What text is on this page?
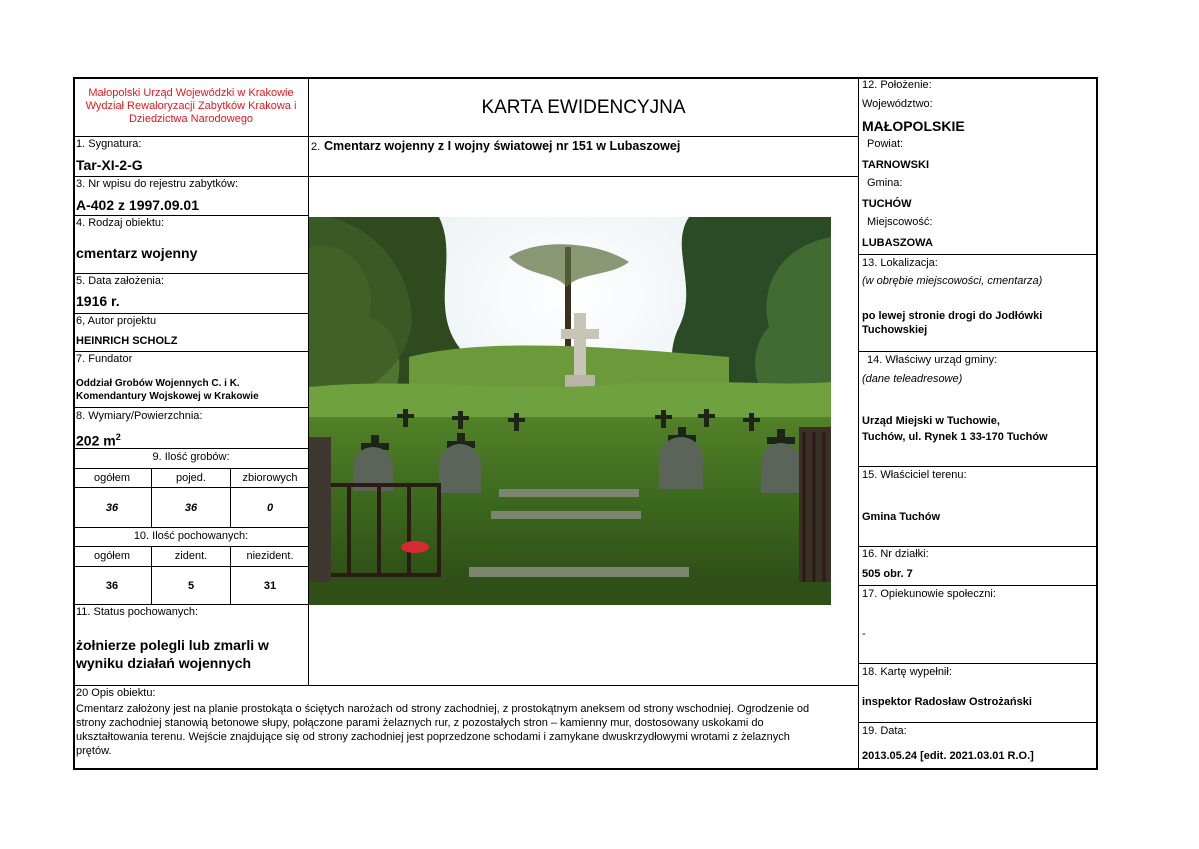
Małopolski Urząd Wojewódzki w Krakowie
Wydział Rewaloryzacji Zabytków Krakowa i
Dziedzictwa Narodowego
KARTA EWIDENCYJNA
1. Sygnatura:
Tar-XI-2-G
3. Nr wpisu do rejestru zabytków:
A-402 z 1997.09.01
4. Rodzaj obiektu:
cmentarz wojenny
5. Data założenia:
1916 r.
6, Autor projektu
HEINRICH SCHOLZ
7. Fundator
Oddział Grobów Wojennych C. i K.
Komendantury Wojskowej w Krakowie
8. Wymiary/Powierzchnia:
202 $m^2$
9. Ilość grobów:
ogółem	pojed.	zbiorowych
36	36	0
10. Ilość pochowanych:
ogółem	zident.	niezident.
36	5	31
11. Status pochowanych:
żołnierze polegli lub zmarli w
wyniku działań wojennych
2. Cmentarz wojenny z I wojny światowej nr 151 w Lubaszowej
12. Położenie:
Województwo:
MAŁOPOLSKIE
Powiat:
TARNOWSKI
Gmina:
TUCHÓW
Miejscowość:
LUBASZOWA
13. Lokalizacja:
(w obrębie miejscowości, cmentarza)
po lewej stronie drogi do Jodłówki
Tuchowskiej
14. Właściwy urząd gminy:
(dane teleadresowe)
Urząd Miejski w Tuchowie,
Tuchów, ul. Rynek 1 33-170 Tuchów
15. Właściciel terenu:
Gmina Tuchów
16. Nr działki:
505 obr. 7
17. Opiekunowie społeczni:
-
18. Kartę wypełnił:
inspektor Radosław Ostrożański
19. Data:
2013.05.24 [edit. 2021.03.01 R.O.]
20 Opis obiektu:
Cmentarz założony jest na planie prostokąta o ściętych narożach od strony zachodniej, z prostokątnym aneksem od strony wschodniej. Ogrodzenie od
strony zachodniej stanowią betonowe słupy, połączone parami żelaznych rur, z pozostałych stron – kamienny mur, dostosowany uskokami do
ukształtowania terenu. Wejście znajdujące się od strony zachodniej jest poprzedzone schodami i zamykane dwuskrzydłowymi wrotami z żelaznych
prętów.
